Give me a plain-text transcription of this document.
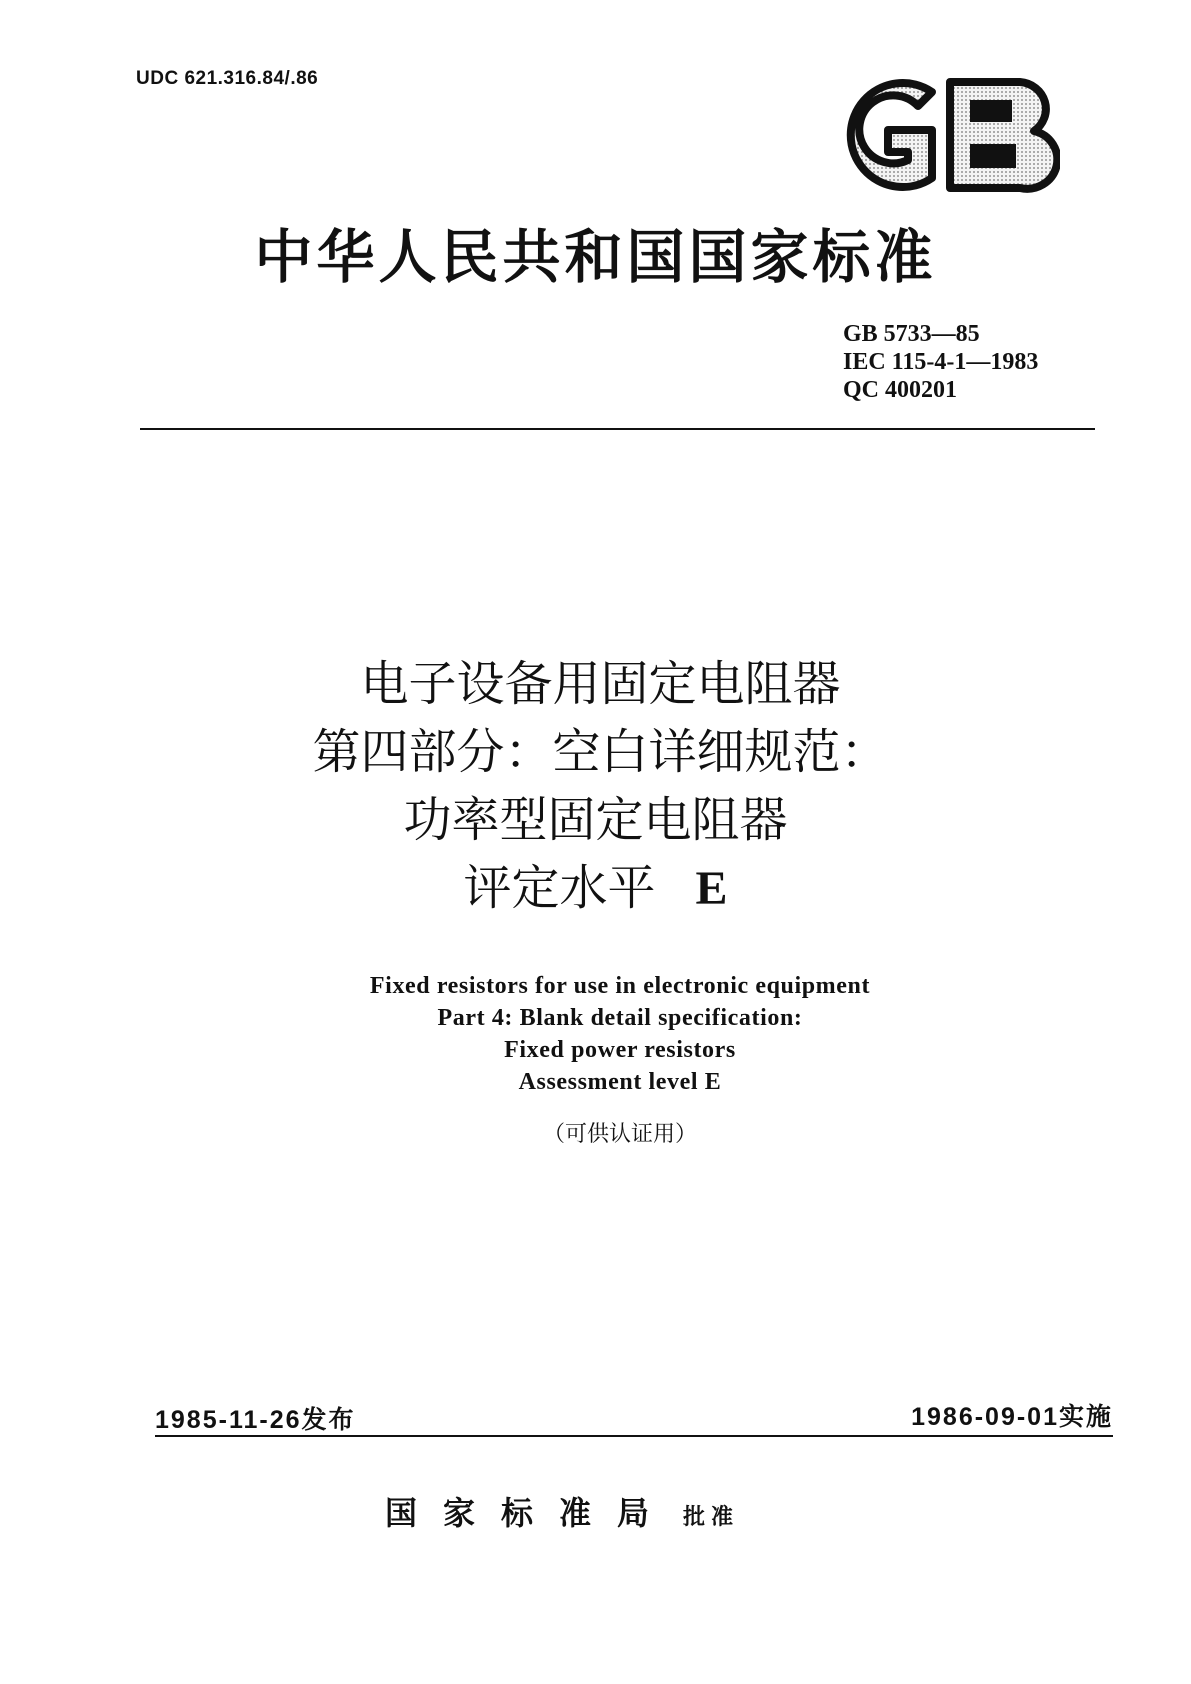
UDC 621.316.84/.86
中华人民共和国国家标准
GB 5733—85
IEC 115-4-1—1983
QC 400201
电子设备用固定电阻器
第四部分：空白详细规范：
功率型固定电阻器
评定水平 E
Fixed resistors for use in electronic equipment
Part 4: Blank detail specification:
Fixed power resistors
Assessment level E
（可供认证用）
1985-11-26发布	1986-09-01实施
国家标准局 批准
